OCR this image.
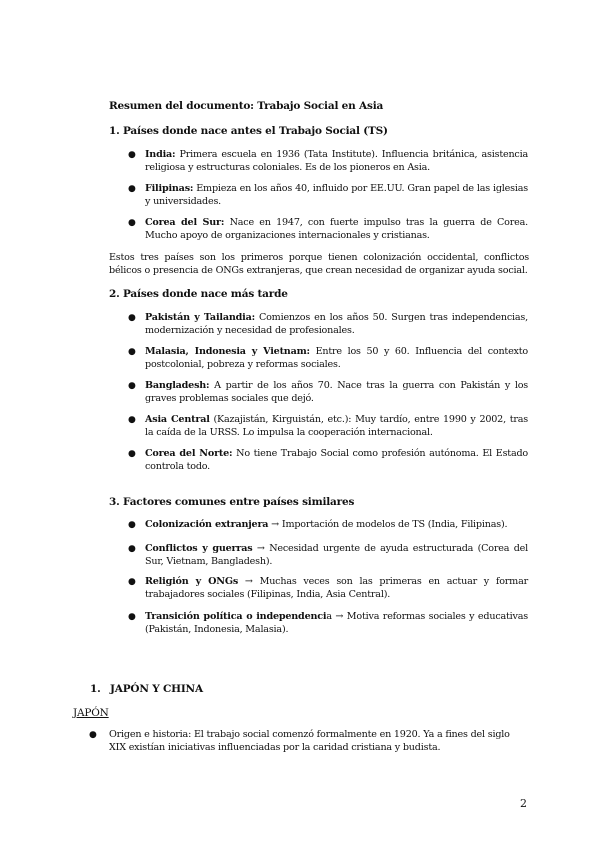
Resumen del documento: Trabajo Social en Asia
1. Países donde nace antes el Trabajo Social (TS)
● India: Primera escuela en 1936 (Tata Institute). Influencia británica, asistencia religiosa y estructuras coloniales. Es de los pioneros en Asia.
● Filipinas: Empieza en los años 40, influido por EE.UU. Gran papel de las iglesias y universidades.
● Corea del Sur: Nace en 1947, con fuerte impulso tras la guerra de Corea. Mucho apoyo de organizaciones internacionales y cristianas.
Estos tres países son los primeros porque tienen colonización occidental, conflictos bélicos o presencia de ONGs extranjeras, que crean necesidad de organizar ayuda social.
2. Países donde nace más tarde
● Pakistán y Tailandia: Comienzos en los años 50. Surgen tras independencias, modernización y necesidad de profesionales.
● Malasia, Indonesia y Vietnam: Entre los 50 y 60. Influencia del contexto postcolonial, pobreza y reformas sociales.
● Bangladesh: A partir de los años 70. Nace tras la guerra con Pakistán y los graves problemas sociales que dejó.
● Asia Central (Kazajistán, Kirguistán, etc.): Muy tardío, entre 1990 y 2002, tras la caída de la URSS. Lo impulsa la cooperación internacional.
● Corea del Norte: No tiene Trabajo Social como profesión autónoma. El Estado controla todo.
3. Factores comunes entre países similares
● Colonización extranjera → Importación de modelos de TS (India, Filipinas).
● Conflictos y guerras → Necesidad urgente de ayuda estructurada (Corea del Sur, Vietnam, Bangladesh).
● Religión y ONGs → Muchas veces son las primeras en actuar y formar trabajadores sociales (Filipinas, India, Asia Central).
● Transición política o independencia → Motiva reformas sociales y educativas (Pakistán, Indonesia, Malasia).
1. JAPÓN Y CHINA
JAPÓN
● Origen e historia: El trabajo social comenzó formalmente en 1920. Ya a fines del siglo XIX existían iniciativas influenciadas por la caridad cristiana y budista.
2
